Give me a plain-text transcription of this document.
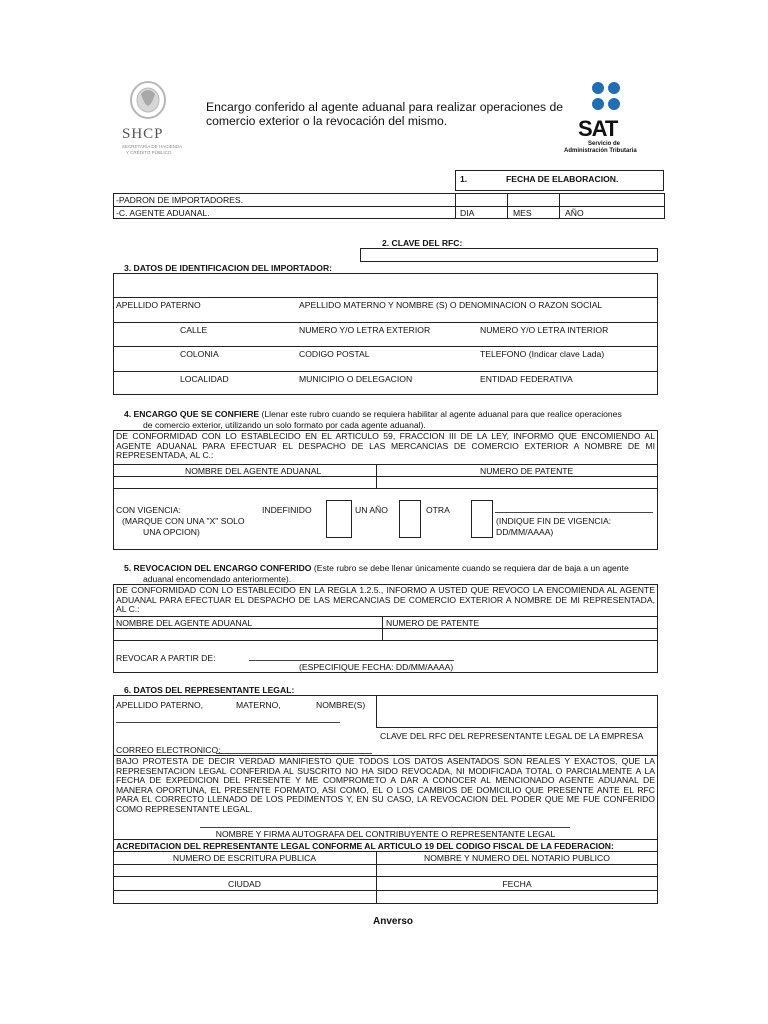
SHCP
SECRETARÍA DE HACIENDA
Y CRÉDITO PÚBLICO
Encargo conferido al agente aduanal para realizar operaciones de
comercio exterior o la revocación del mismo.	SAT
Servicio de
Administración Tributaria
1.	FECHA DE ELABORACION.
-PADRON DE IMPORTADORES.
-C. AGENTE ADUANAL.	DIA	MES	AÑO
2. CLAVE DEL RFC:
3. DATOS DE IDENTIFICACION DEL IMPORTADOR:
APELLIDO PATERNO	APELLIDO MATERNO Y NOMBRE (S) O DENOMINACION O RAZON SOCIAL
CALLE	NUMERO Y/O LETRA EXTERIOR	NUMERO Y/O LETRA INTERIOR
COLONIA	CODIGO POSTAL	TELEFONO (Indicar clave Lada)
LOCALIDAD	MUNICIPIO O DELEGACION	ENTIDAD FEDERATIVA
4. ENCARGO QUE SE CONFIERE (Llenar este rubro cuando se requiera habilitar al agente aduanal para que realice operaciones
de comercio exterior, utilizando un solo formato por cada agente aduanal).
DE CONFORMIDAD CON LO ESTABLECIDO EN EL ARTICULO 59, FRACCION III DE LA LEY, INFORMO QUE ENCOMIENDO AL AGENTE ADUANAL PARA EFECTUAR EL DESPACHO DE LAS MERCANCIAS DE COMERCIO EXTERIOR A NOMBRE DE MI REPRESENTADA, AL C.:
NOMBRE DEL AGENTE ADUANAL	NUMERO DE PATENTE
CON VIGENCIA:
(MARQUE CON UNA "X" SOLO
UNA OPCION)
INDEFINIDO	UN AÑO	OTRA
(INDIQUE FIN DE VIGENCIA:
DD/MM/AAAA)
5. REVOCACION DEL ENCARGO CONFERIDO (Este rubro se debe llenar únicamente cuando se requiera dar de baja a un agente
aduanal encomendado anteriormente).
DE CONFORMIDAD CON LO ESTABLECIDO EN LA REGLA 1.2.5., INFORMO A USTED QUE REVOCO LA ENCOMIENDA AL AGENTE ADUANAL PARA EFECTUAR EL DESPACHO DE LAS MERCANCIAS DE COMERCIO EXTERIOR A NOMBRE DE MI REPRESENTADA, AL C.:
NOMBRE DEL AGENTE ADUANAL	NUMERO DE PATENTE
REVOCAR A PARTIR DE:
(ESPECIFIQUE FECHA: DD/MM/AAAA)
6. DATOS DEL REPRESENTANTE LEGAL:
APELLIDO PATERNO,	MATERNO,	NOMBRE(S)
CLAVE DEL RFC DEL REPRESENTANTE LEGAL DE LA EMPRESA
CORREO ELECTRONICO:
BAJO PROTESTA DE DECIR VERDAD MANIFIESTO QUE TODOS LOS DATOS ASENTADOS SON REALES Y EXACTOS, QUE LA REPRESENTACION LEGAL CONFERIDA AL SUSCRITO NO HA SIDO REVOCADA, NI MODIFICADA TOTAL O PARCIALMENTE A LA FECHA DE EXPEDICION DEL PRESENTE Y ME COMPROMETO A DAR A CONOCER AL MENCIONADO AGENTE ADUANAL DE MANERA OPORTUNA, EL PRESENTE FORMATO, ASI COMO, EL O LOS CAMBIOS DE DOMICILIO QUE PRESENTE ANTE EL RFC PARA EL CORRECTO LLENADO DE LOS PEDIMENTOS Y, EN SU CASO, LA REVOCACION DEL PODER QUE ME FUE CONFERIDO COMO REPRESENTANTE LEGAL.
NOMBRE Y FIRMA AUTOGRAFA DEL CONTRIBUYENTE O REPRESENTANTE LEGAL
ACREDITACION DEL REPRESENTANTE LEGAL CONFORME AL ARTICULO 19 DEL CODIGO FISCAL DE LA FEDERACION:
NUMERO DE ESCRITURA PUBLICA	NOMBRE Y NUMERO DEL NOTARIO PUBLICO
CIUDAD	FECHA
Anverso
